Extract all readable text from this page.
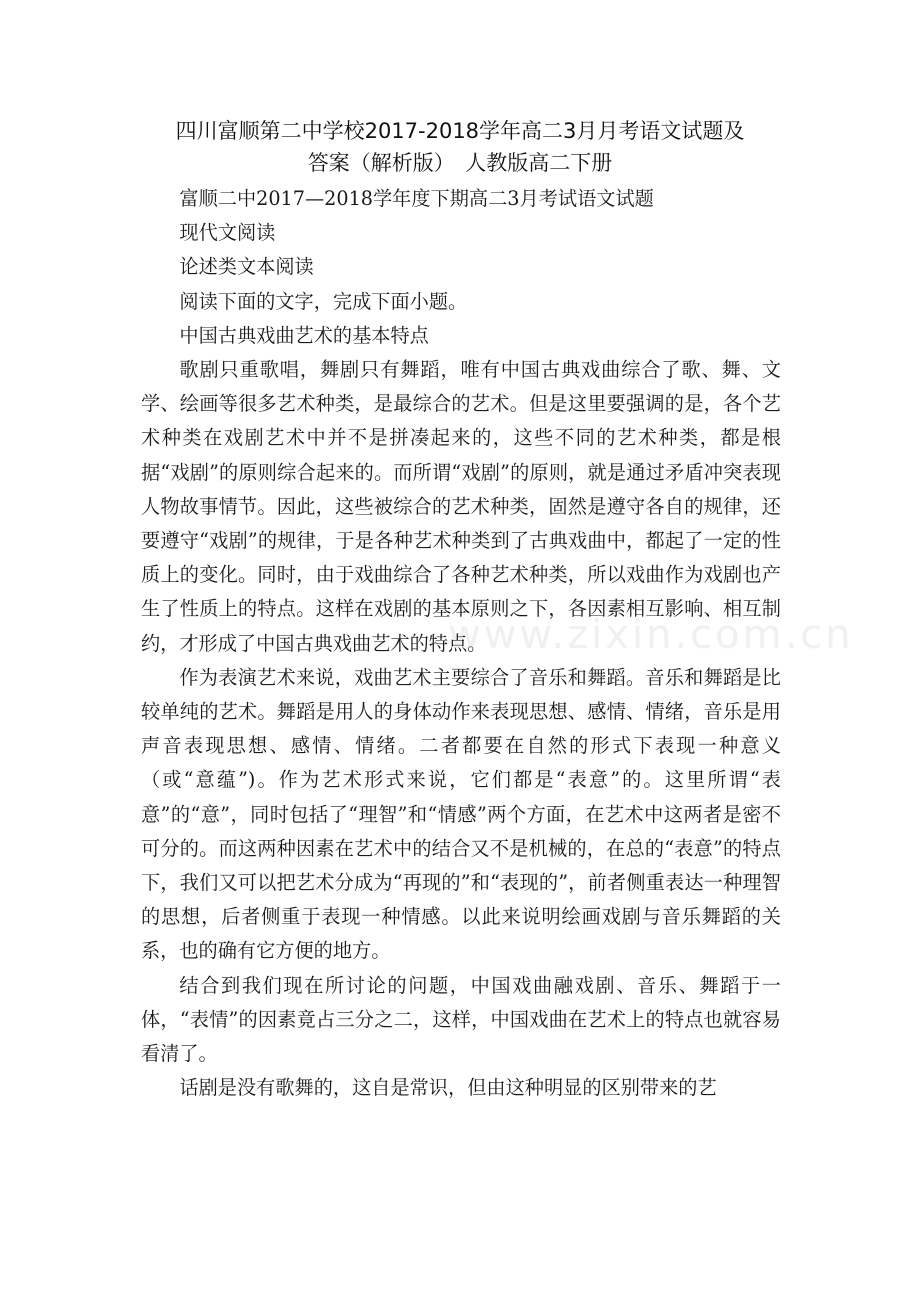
四川富顺第二中学校2017-2018学年高二3月月考语文试题及
答案（解析版）　人教版高二下册

富顺二中2017—2018学年度下期高二3月考试语文试题

现代文阅读

论述类文本阅读

阅读下面的文字，完成下面小题。

中国古典戏曲艺术的基本特点

歌剧只重歌唱，舞剧只有舞蹈，唯有中国古典戏曲综合了歌、舞、文学、绘画等很多艺术种类，是最综合的艺术。但是这里要强调的是，各个艺术种类在戏剧艺术中并不是拼凑起来的，这些不同的艺术种类，都是根据“戏剧”的原则综合起来的。而所谓“戏剧”的原则，就是通过矛盾冲突表现人物故事情节。因此，这些被综合的艺术种类，固然是遵守各自的规律，还要遵守“戏剧”的规律，于是各种艺术种类到了古典戏曲中，都起了一定的性质上的变化。同时，由于戏曲综合了各种艺术种类，所以戏曲作为戏剧也产生了性质上的特点。这样在戏剧的基本原则之下，各因素相互影响、相互制约，才形成了中国古典戏曲艺术的特点。

作为表演艺术来说，戏曲艺术主要综合了音乐和舞蹈。音乐和舞蹈是比较单纯的艺术。舞蹈是用人的身体动作来表现思想、感情、情绪，音乐是用声音表现思想、感情、情绪。二者都要在自然的形式下表现一种意义（或“意蕴”)。作为艺术形式来说，它们都是“表意”的。这里所谓“表意”的“意”，同时包括了“理智”和“情感”两个方面，在艺术中这两者是密不可分的。而这两种因素在艺术中的结合又不是机械的，在总的“表意”的特点下，我们又可以把艺术分成为“再现的”和“表现的”，前者侧重表达一种理智的思想，后者侧重于表现一种情感。以此来说明绘画戏剧与音乐舞蹈的关系，也的确有它方便的地方。

结合到我们现在所讨论的问题，中国戏曲融戏剧、音乐、舞蹈于一体，“表情”的因素竟占三分之二，这样，中国戏曲在艺术上的特点也就容易看清了。

话剧是没有歌舞的，这自是常识，但由这种明显的区别带来的艺

www.zixin.com.cn
